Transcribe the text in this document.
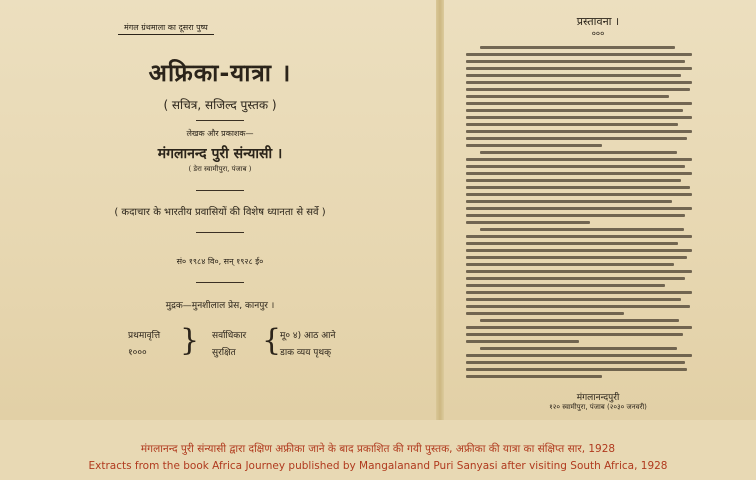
मंगल ग्रंथमाला का दूसरा पुष्प
अफ्रिका-यात्रा ।
( सचित्र, सजिल्द पुस्तक )
लेखक और प्रकाशक—
मंगलानन्द पुरी संन्यासी ।
( डेरा स्वामीपुरा, पंजाब )
( कदाचार के भारतीय प्रवासियों की विशेष ध्यानता से सर्वे )
सं० १९८४ वि०, सन् १९२८ ई०
मुद्रक—मुनशीलाल प्रेस, कानपुर ।
प्रथमावृत्ति
१०००	} सर्वाधिकार
सुरक्षित {
मू० ४) आठ आने
डाक व्यय पृथक्
प्रस्तावना ।
०००
मंगलानन्दपुरी
१२० स्वामीपुरा, पंजाब (२०३० जनवरी)
मंगलानन्द पुरी संन्यासी द्वारा दक्षिण अफ्रीका जाने के बाद प्रकाशित की गयी पुस्तक, अफ्रीका की यात्रा का संक्षिप्त सार, 1928
Extracts from the book Africa Journey published by Mangalanand Puri Sanyasi after visiting South Africa, 1928
